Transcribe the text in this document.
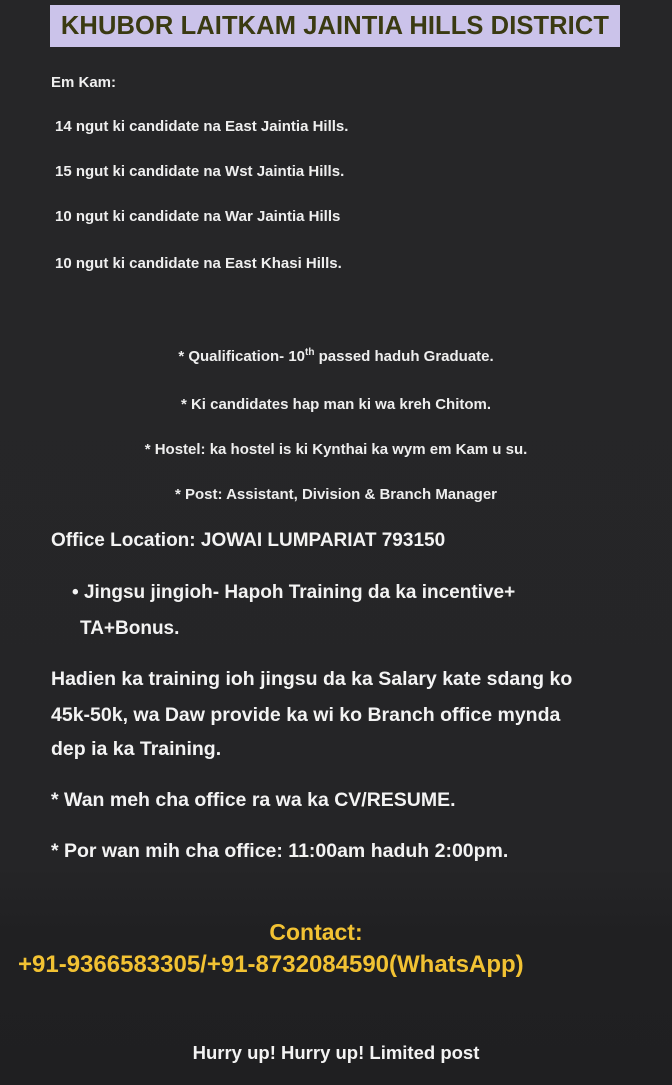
KHUBOR LAITKAM JAINTIA HILLS DISTRICT
Em Kam:
14 ngut ki candidate na East Jaintia Hills.
15 ngut ki candidate na Wst Jaintia Hills.
10 ngut ki candidate na War Jaintia Hills
10 ngut ki candidate na East Khasi Hills.
* Qualification- 10th passed haduh Graduate.
* Ki candidates hap man ki wa kreh Chitom.
* Hostel: ka hostel is ki Kynthai ka wym em Kam u su.
* Post: Assistant, Division & Branch Manager
Office Location: JOWAI LUMPARIAT 793150
• Jingsu jingioh- Hapoh Training da ka incentive+
TA+Bonus.
Hadien ka training ioh jingsu da ka Salary kate sdang ko
45k-50k, wa Daw provide ka wi ko Branch office mynda
dep ia ka Training.
* Wan meh cha office ra wa ka CV/RESUME.
* Por wan mih cha office: 11:00am haduh 2:00pm.
Contact:
+91-9366583305/+91-8732084590(WhatsApp)
Hurry up! Hurry up! Limited post
